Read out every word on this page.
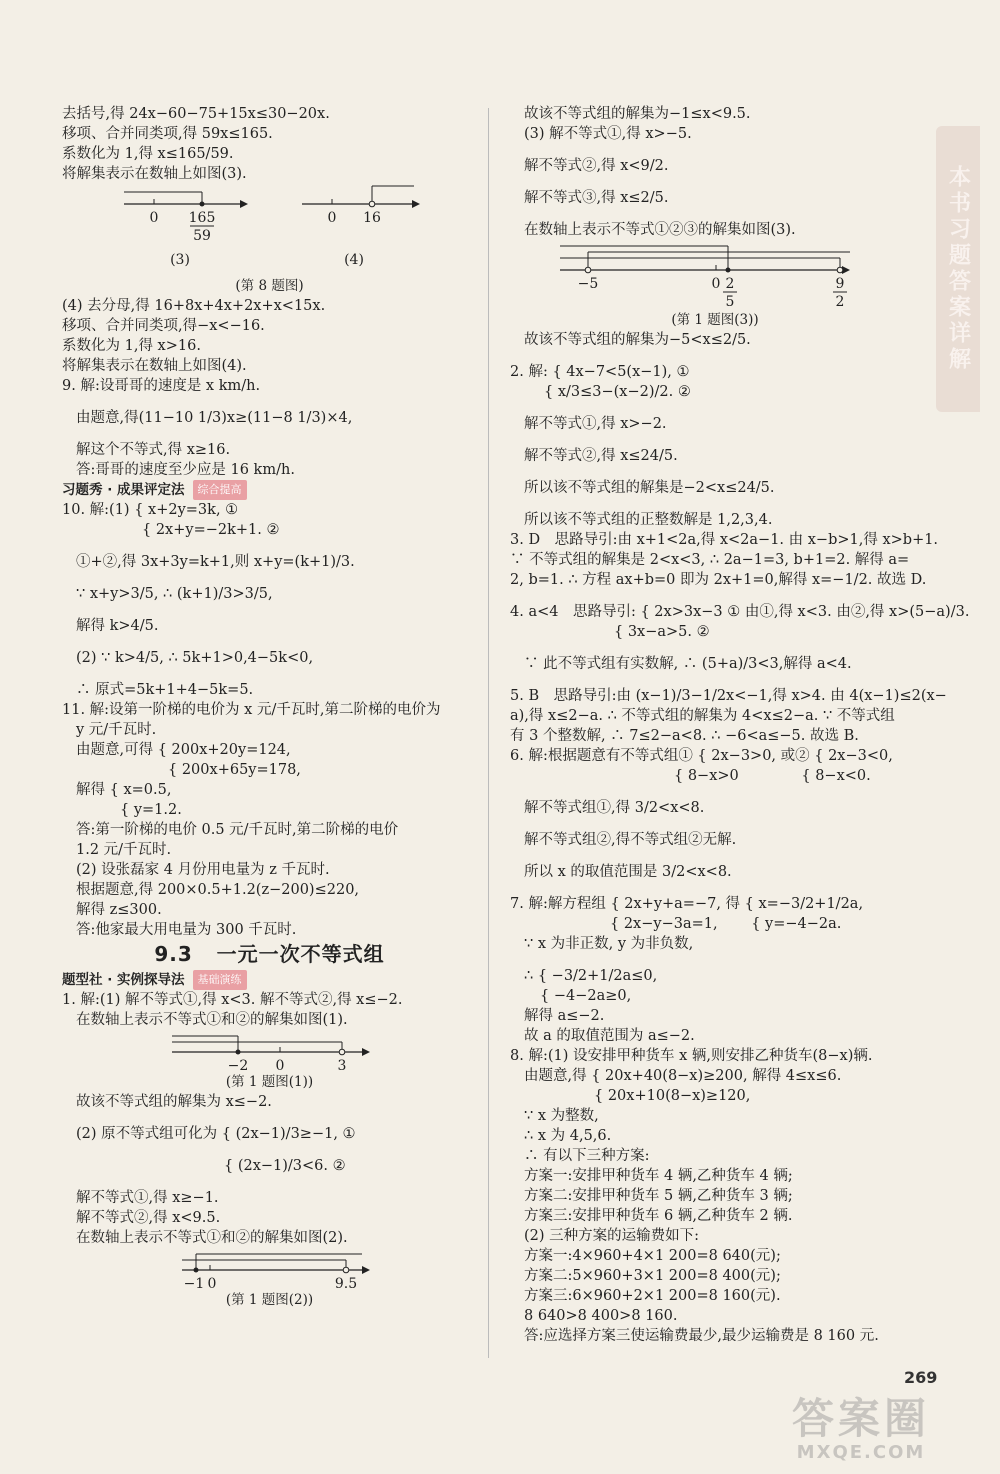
本书习题答案详解

去括号,得 24x−60−75+15x≤30−20x.

移项、合并同类项,得 59x≤165.

系数化为 1,得 x≤165/59.

将解集表示在数轴上如图(3).

0 165
59
(3)
0 16
(4)

(第 8 题图)

(4) 去分母,得 16+8x+4x+2x+x<15x.

移项、合并同类项,得−x<−16.

系数化为 1,得 x>16.

将解集表示在数轴上如图(4).

9. 解:设哥哥的速度是 x km/h.

由题意,得(11−10 1/3)x≥(11−8 1/3)×4,

解这个不等式,得 x≥16.

答:哥哥的速度至少应是 16 km/h.

习题秀 · 成果评定法 综合提高

10. 解:(1) { x+2y=3k, ①

{ 2x+y=−2k+1. ②

①+②,得 3x+3y=k+1,则 x+y=(k+1)/3.

∵ x+y>3/5, ∴ (k+1)/3>3/5,

解得 k>4/5.

(2) ∵ k>4/5, ∴ 5k+1>0,4−5k<0,

∴ 原式=5k+1+4−5k=5.

11. 解:设第一阶梯的电价为 x 元/千瓦时,第二阶梯的电价为

y 元/千瓦时.

由题意,可得 { 200x+20y=124,

{ 200x+65y=178,

解得 { x=0.5,

{ y=1.2.

答:第一阶梯的电价 0.5 元/千瓦时,第二阶梯的电价

1.2 元/千瓦时.

(2) 设张磊家 4 月份用电量为 z 千瓦时.

根据题意,得 200×0.5+1.2(z−200)≤220,

解得 z≤300.

答:他家最大用电量为 300 千瓦时.

9.3 一元一次不等式组

题型社 · 实例探导法 基础演练

1. 解:(1) 解不等式①,得 x<3. 解不等式②,得 x≤−2.

在数轴上表示不等式①和②的解集如图(1).

−2 0	3

(第 1 题图(1))

故该不等式组的解集为 x≤−2.

(2) 原不等式组可化为 { (2x−1)/3≥−1, ①

{ (2x−1)/3<6. ②

解不等式①,得 x≥−1.

解不等式②,得 x<9.5.

在数轴上表示不等式①和②的解集如图(2).

−1 0	9.5

(第 1 题图(2))

故该不等式组的解集为−1≤x<9.5.

(3) 解不等式①,得 x>−5.

解不等式②,得 x<9/2.

解不等式③,得 x≤2/5.

在数轴上表示不等式①②③的解集如图(3).

−5	0 2
5
9
2

(第 1 题图(3))

故该不等式组的解集为−5<x≤2/5.

2. 解: { 4x−7<5(x−1), ①

{ x/3≤3−(x−2)/2. ②

解不等式①,得 x>−2.

解不等式②,得 x≤24/5.

所以该不等式组的解集是−2<x≤24/5.

所以该不等式组的正整数解是 1,2,3,4.

3. D　思路导引:由 x+1<2a,得 x<2a−1. 由 x−b>1,得 x>b+1.

∵ 不等式组的解集是 2<x<3, ∴ 2a−1=3, b+1=2. 解得 a=

2, b=1. ∴ 方程 ax+b=0 即为 2x+1=0,解得 x=−1/2. 故选 D.

4. a<4　思路导引: { 2x>3x−3 ① 由①,得 x<3. 由②,得 x>(5−a)/3.

{ 3x−a>5. ②

∵ 此不等式组有实数解, ∴ (5+a)/3<3,解得 a<4.

5. B　思路导引:由 (x−1)/3−1/2x<−1,得 x>4. 由 4(x−1)≤2(x−

a),得 x≤2−a. ∴ 不等式组的解集为 4<x≤2−a. ∵ 不等式组

有 3 个整数解, ∴ 7≤2−a<8. ∴ −6<a≤−5. 故选 B.

6. 解:根据题意有不等式组① { 2x−3>0, 或② { 2x−3<0,

{ 8−x>0 　　　　{ 8−x<0.

解不等式组①,得 3/2<x<8.

解不等式组②,得不等式组②无解.

所以 x 的取值范围是 3/2<x<8.

7. 解:解方程组 { 2x+y+a=−7, 得 { x=−3/2+1/2a,

{ 2x−y−3a=1, 　　{ y=−4−2a.

∵ x 为非正数, y 为非负数,

∴ { −3/2+1/2a≤0,

{ −4−2a≥0,

解得 a≤−2.

故 a 的取值范围为 a≤−2.

8. 解:(1) 设安排甲种货车 x 辆,则安排乙种货车(8−x)辆.

由题意,得 { 20x+40(8−x)≥200, 解得 4≤x≤6.

{ 20x+10(8−x)≥120,

∵ x 为整数,

∴ x 为 4,5,6.

∴ 有以下三种方案:

方案一:安排甲种货车 4 辆,乙种货车 4 辆;

方案二:安排甲种货车 5 辆,乙种货车 3 辆;

方案三:安排甲种货车 6 辆,乙种货车 2 辆.

(2) 三种方案的运输费如下:

方案一:4×960+4×1 200=8 640(元);

方案二:5×960+3×1 200=8 400(元);

方案三:6×960+2×1 200=8 160(元).

8 640>8 400>8 160.

答:应选择方案三使运输费最少,最少运输费是 8 160 元.

269
答案圈
MXQE.COM
